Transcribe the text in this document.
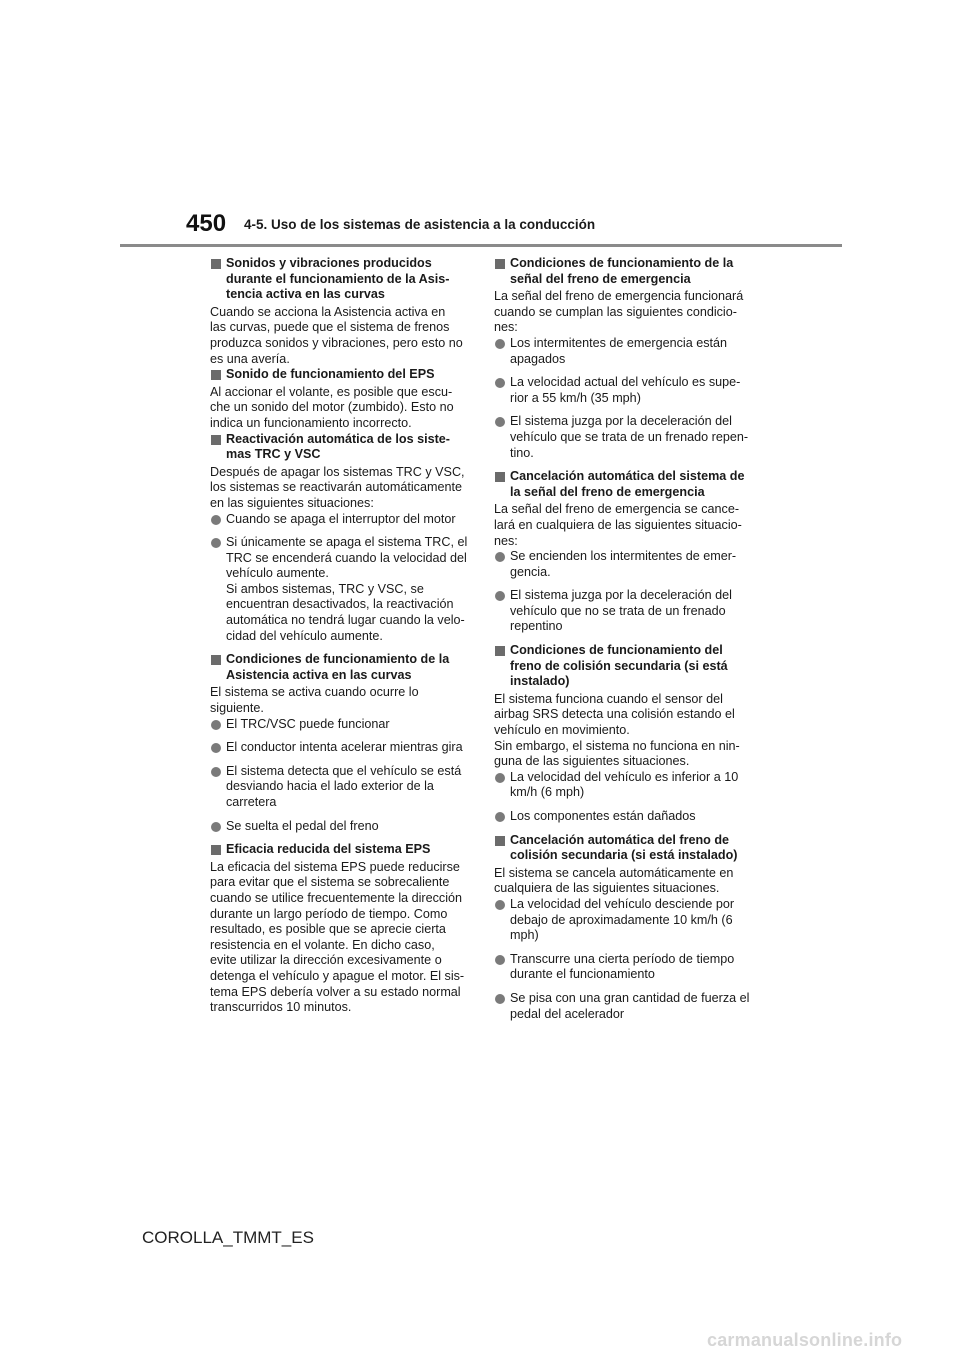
450 4-5. Uso de los sistemas de asistencia a la conducción
Sonidos y vibraciones producidos
durante el funcionamiento de la Asis-
tencia activa en las curvas
Cuando se acciona la Asistencia activa en
las curvas, puede que el sistema de frenos
produzca sonidos y vibraciones, pero esto no
es una avería.
Sonido de funcionamiento del EPS
Al accionar el volante, es posible que escu-
che un sonido del motor (zumbido). Esto no
indica un funcionamiento incorrecto.
Reactivación automática de los siste-
mas TRC y VSC
Después de apagar los sistemas TRC y VSC,
los sistemas se reactivarán automáticamente
en las siguientes situaciones:
Cuando se apaga el interruptor del motor
Si únicamente se apaga el sistema TRC, el
TRC se encenderá cuando la velocidad del
vehículo aumente.
Si ambos sistemas, TRC y VSC, se
encuentran desactivados, la reactivación
automática no tendrá lugar cuando la velo-
cidad del vehículo aumente.
Condiciones de funcionamiento de la
Asistencia activa en las curvas
El sistema se activa cuando ocurre lo
siguiente.
El TRC/VSC puede funcionar
El conductor intenta acelerar mientras gira
El sistema detecta que el vehículo se está
desviando hacia el lado exterior de la
carretera
Se suelta el pedal del freno
Eficacia reducida del sistema EPS
La eficacia del sistema EPS puede reducirse
para evitar que el sistema se sobrecaliente
cuando se utilice frecuentemente la dirección
durante un largo período de tiempo. Como
resultado, es posible que se aprecie cierta
resistencia en el volante. En dicho caso,
evite utilizar la dirección excesivamente o
detenga el vehículo y apague el motor. El sis-
tema EPS debería volver a su estado normal
transcurridos 10 minutos.
Condiciones de funcionamiento de la
señal del freno de emergencia
La señal del freno de emergencia funcionará
cuando se cumplan las siguientes condicio-
nes:
Los intermitentes de emergencia están
apagados
La velocidad actual del vehículo es supe-
rior a 55 km/h (35 mph)
El sistema juzga por la deceleración del
vehículo que se trata de un frenado repen-
tino.
Cancelación automática del sistema de
la señal del freno de emergencia
La señal del freno de emergencia se cance-
lará en cualquiera de las siguientes situacio-
nes:
Se encienden los intermitentes de emer-
gencia.
El sistema juzga por la deceleración del
vehículo que no se trata de un frenado
repentino
Condiciones de funcionamiento del
freno de colisión secundaria (si está
instalado)
El sistema funciona cuando el sensor del
airbag SRS detecta una colisión estando el
vehículo en movimiento.
Sin embargo, el sistema no funciona en nin-
guna de las siguientes situaciones.
La velocidad del vehículo es inferior a 10
km/h (6 mph)
Los componentes están dañados
Cancelación automática del freno de
colisión secundaria (si está instalado)
El sistema se cancela automáticamente en
cualquiera de las siguientes situaciones.
La velocidad del vehículo desciende por
debajo de aproximadamente 10 km/h (6
mph)
Transcurre una cierta período de tiempo
durante el funcionamiento
Se pisa con una gran cantidad de fuerza el
pedal del acelerador
COROLLA_TMMT_ES
carmanualsonline.info
